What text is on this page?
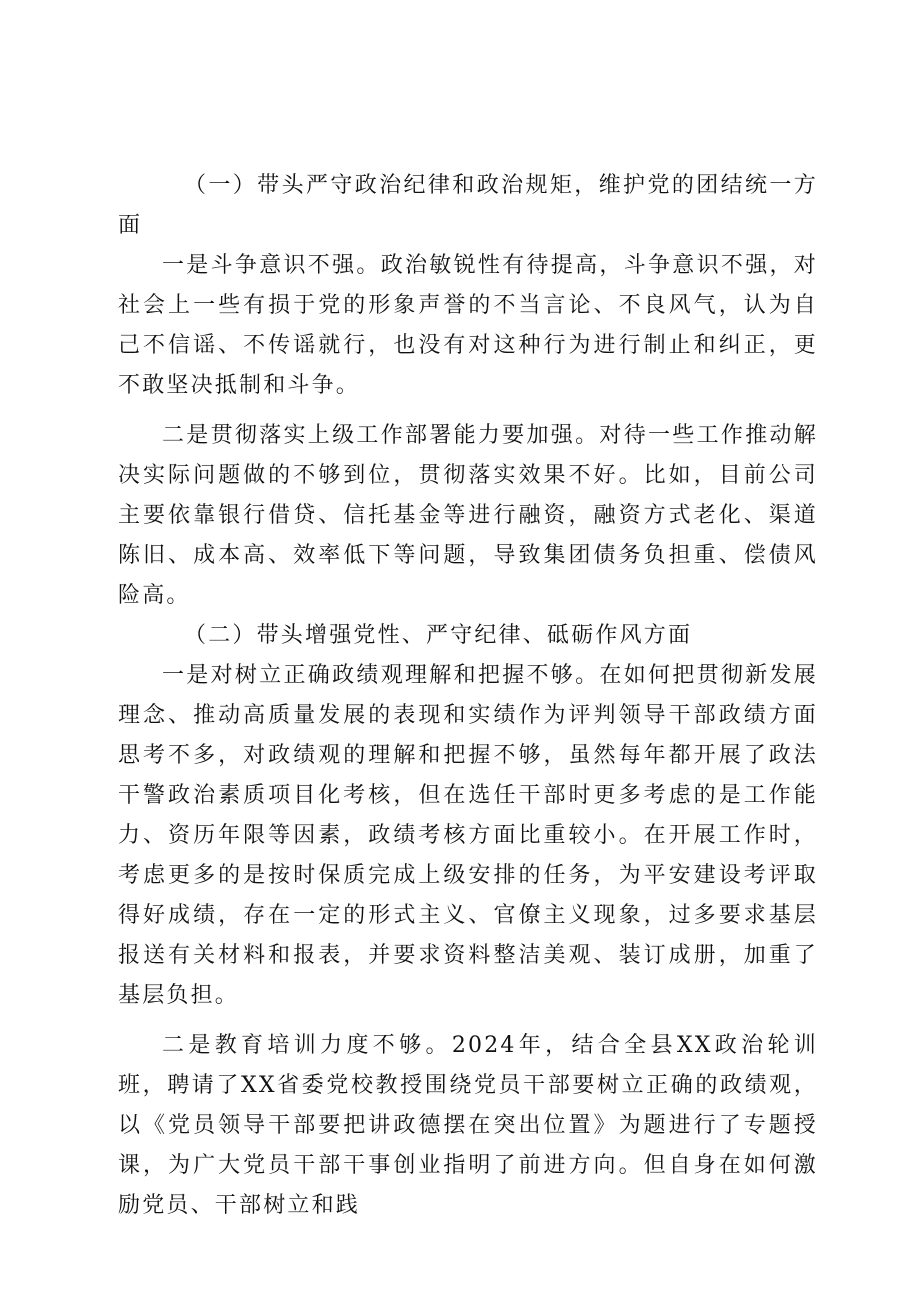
（一）带头严守政治纪律和政治规矩，维护党的团结统一方面

一是斗争意识不强。政治敏锐性有待提高，斗争意识不强，对社会上一些有损于党的形象声誉的不当言论、不良风气，认为自己不信谣、不传谣就行，也没有对这种行为进行制止和纠正，更不敢坚决抵制和斗争。

二是贯彻落实上级工作部署能力要加强。对待一些工作推动解决实际问题做的不够到位，贯彻落实效果不好。比如，目前公司主要依靠银行借贷、信托基金等进行融资，融资方式老化、渠道陈旧、成本高、效率低下等问题，导致集团债务负担重、偿债风险高。

（二）带头增强党性、严守纪律、砥砺作风方面

一是对树立正确政绩观理解和把握不够。在如何把贯彻新发展理念、推动高质量发展的表现和实绩作为评判领导干部政绩方面思考不多，对政绩观的理解和把握不够，虽然每年都开展了政法干警政治素质项目化考核，但在选任干部时更多考虑的是工作能力、资历年限等因素，政绩考核方面比重较小。在开展工作时，考虑更多的是按时保质完成上级安排的任务，为平安建设考评取得好成绩，存在一定的形式主义、官僚主义现象，过多要求基层报送有关材料和报表，并要求资料整洁美观、装订成册，加重了基层负担。

二是教育培训力度不够。2024年，结合全县XX政治轮训班，聘请了XX省委党校教授围绕党员干部要树立正确的政绩观，以《党员领导干部要把讲政德摆在突出位置》为题进行了专题授课，为广大党员干部干事创业指明了前进方向。但自身在如何激励党员、干部树立和践
